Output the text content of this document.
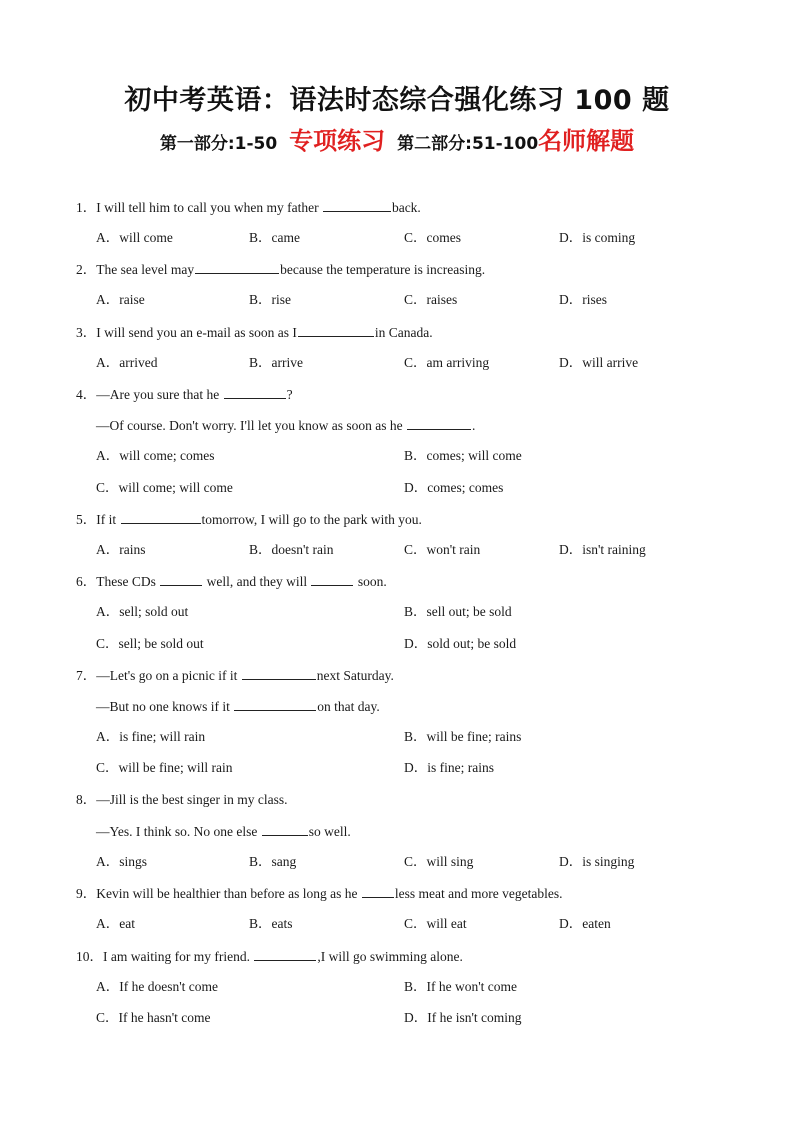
初中考英语：语法时态综合强化练习 100 题
第一部分:1-50 专项练习 第二部分:51-100名师解题
1．I will tell him to call you when my father	back.
A．will come	B．came	C．comes	D．is coming
2．The sea level may	because the temperature is increasing.
A．raise	B．rise	C．raises	D．rises
3．I will send you an e-mail as soon as I	in Canada.
A．arrived	B．arrive	C．am arriving	D．will arrive
4．—Are you sure that he	?
—Of course. Don't worry. I'll let you know as soon as he	.
A．will come; comes	B．comes; will come
C．will come; will come	D．comes; comes
5．If it	tomorrow, I will go to the park with you.
A．rains	B．doesn't rain	C．won't rain	D．isn't raining
6．These CDs	well, and they will	soon.
A．sell; sold out	B．sell out; be sold
C．sell; be sold out	D．sold out; be sold
7．—Let's go on a picnic if it	next Saturday.
—But no one knows if it	on that day.
A．is fine; will rain	B．will be fine; rains
C．will be fine; will rain	D．is fine; rains
8．—Jill is the best singer in my class.
—Yes. I think so. No one else	so well.
A．sings	B．sang	C．will sing	D．is singing
9．Kevin will be healthier than before as long as he	less meat and more vegetables.
A．eat	B．eats	C．will eat	D．eaten
10．I am waiting for my friend.	,I will go swimming alone.
A．If he doesn't come	B．If he won't come
C．If he hasn't come	D．If he isn't coming
